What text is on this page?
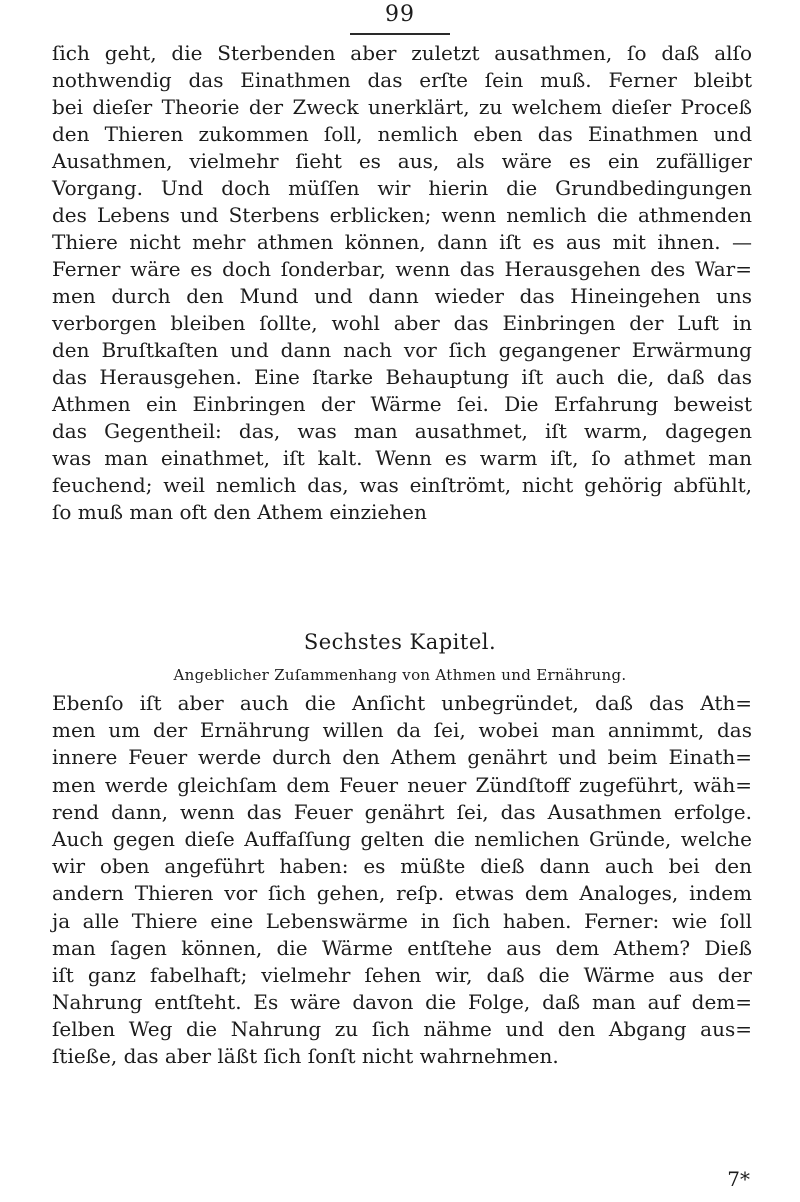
99
ſich geht, die Sterbenden aber zuletzt ausathmen, ſo daß alſo
nothwendig das Einathmen das erſte ſein muß. Ferner bleibt
bei dieſer Theorie der Zweck unerklärt, zu welchem dieſer Proceß
den Thieren zukommen ſoll, nemlich eben das Einathmen und
Ausathmen, vielmehr ſieht es aus, als wäre es ein zufälliger
Vorgang. Und doch müſſen wir hierin die Grundbedingungen
des Lebens und Sterbens erblicken; wenn nemlich die athmenden
Thiere nicht mehr athmen können, dann iſt es aus mit ihnen. —
Ferner wäre es doch ſonderbar, wenn das Herausgehen des War=
men durch den Mund und dann wieder das Hineingehen uns
verborgen bleiben ſollte, wohl aber das Einbringen der Luft in
den Bruſtkaſten und dann nach vor ſich gegangener Erwärmung
das Herausgehen. Eine ſtarke Behauptung iſt auch die, daß das
Athmen ein Einbringen der Wärme ſei. Die Erfahrung beweist
das Gegentheil: das, was man ausathmet, iſt warm, dagegen
was man einathmet, iſt kalt. Wenn es warm iſt, ſo athmet man
feuchend; weil nemlich das, was einſtrömt, nicht gehörig abfühlt,
ſo muß man oft den Athem einziehen
Sechstes Kapitel.
Angeblicher Zuſammenhang von Athmen und Ernährung.
Ebenſo iſt aber auch die Anſicht unbegründet, daß das Ath=
men um der Ernährung willen da ſei, wobei man annimmt, das
innere Feuer werde durch den Athem genährt und beim Einath=
men werde gleichſam dem Feuer neuer Zündſtoff zugeführt, wäh=
rend dann, wenn das Feuer genährt ſei, das Ausathmen erfolge.
Auch gegen dieſe Auffaſſung gelten die nemlichen Gründe, welche
wir oben angeführt haben: es müßte dieß dann auch bei den
andern Thieren vor ſich gehen, reſp. etwas dem Analoges, indem
ja alle Thiere eine Lebenswärme in ſich haben. Ferner: wie ſoll
man ſagen können, die Wärme entſtehe aus dem Athem? Dieß
iſt ganz fabelhaft; vielmehr ſehen wir, daß die Wärme aus der
Nahrung entſteht. Es wäre davon die Folge, daß man auf dem=
ſelben Weg die Nahrung zu ſich nähme und den Abgang aus=
ſtieße, das aber läßt ſich ſonſt nicht wahrnehmen.
7*
